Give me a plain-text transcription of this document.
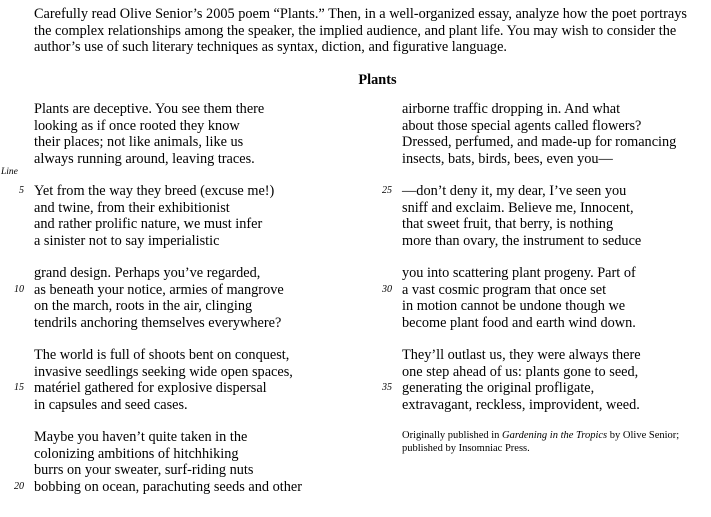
Carefully read Olive Senior’s 2005 poem “Plants.” Then, in a well-organized essay, analyze how the poet portrays the complex relationships among the speaker, the implied audience, and plant life. You may wish to consider the author’s use of such literary techniques as syntax, diction, and figurative language.
Plants
Line
Plants are deceptive. You see them there
looking as if once rooted they know
their places; not like animals, like us
always running around, leaving traces.
5 Yet from the way they breed (excuse me!)
and twine, from their exhibitionist
and rather prolific nature, we must infer
a sinister not to say imperialistic
grand design. Perhaps you’ve regarded,
10 as beneath your notice, armies of mangrove
on the march, roots in the air, clinging
tendrils anchoring themselves everywhere?
The world is full of shoots bent on conquest,
invasive seedlings seeking wide open spaces,
15 matériel gathered for explosive dispersal
in capsules and seed cases.
Maybe you haven’t quite taken in the
colonizing ambitions of hitchhiking
burrs on your sweater, surf-riding nuts
20 bobbing on ocean, parachuting seeds and other
airborne traffic dropping in. And what
about those special agents called flowers?
Dressed, perfumed, and made-up for romancing
insects, bats, birds, bees, even you—
25 —don’t deny it, my dear, I’ve seen you
sniff and exclaim. Believe me, Innocent,
that sweet fruit, that berry, is nothing
more than ovary, the instrument to seduce
you into scattering plant progeny. Part of
30 a vast cosmic program that once set
in motion cannot be undone though we
become plant food and earth wind down.
They’ll outlast us, they were always there
one step ahead of us: plants gone to seed,
35 generating the original profligate,
extravagant, reckless, improvident, weed.
Originally published in Gardening in the Tropics by Olive Senior; published by Insomniac Press.
